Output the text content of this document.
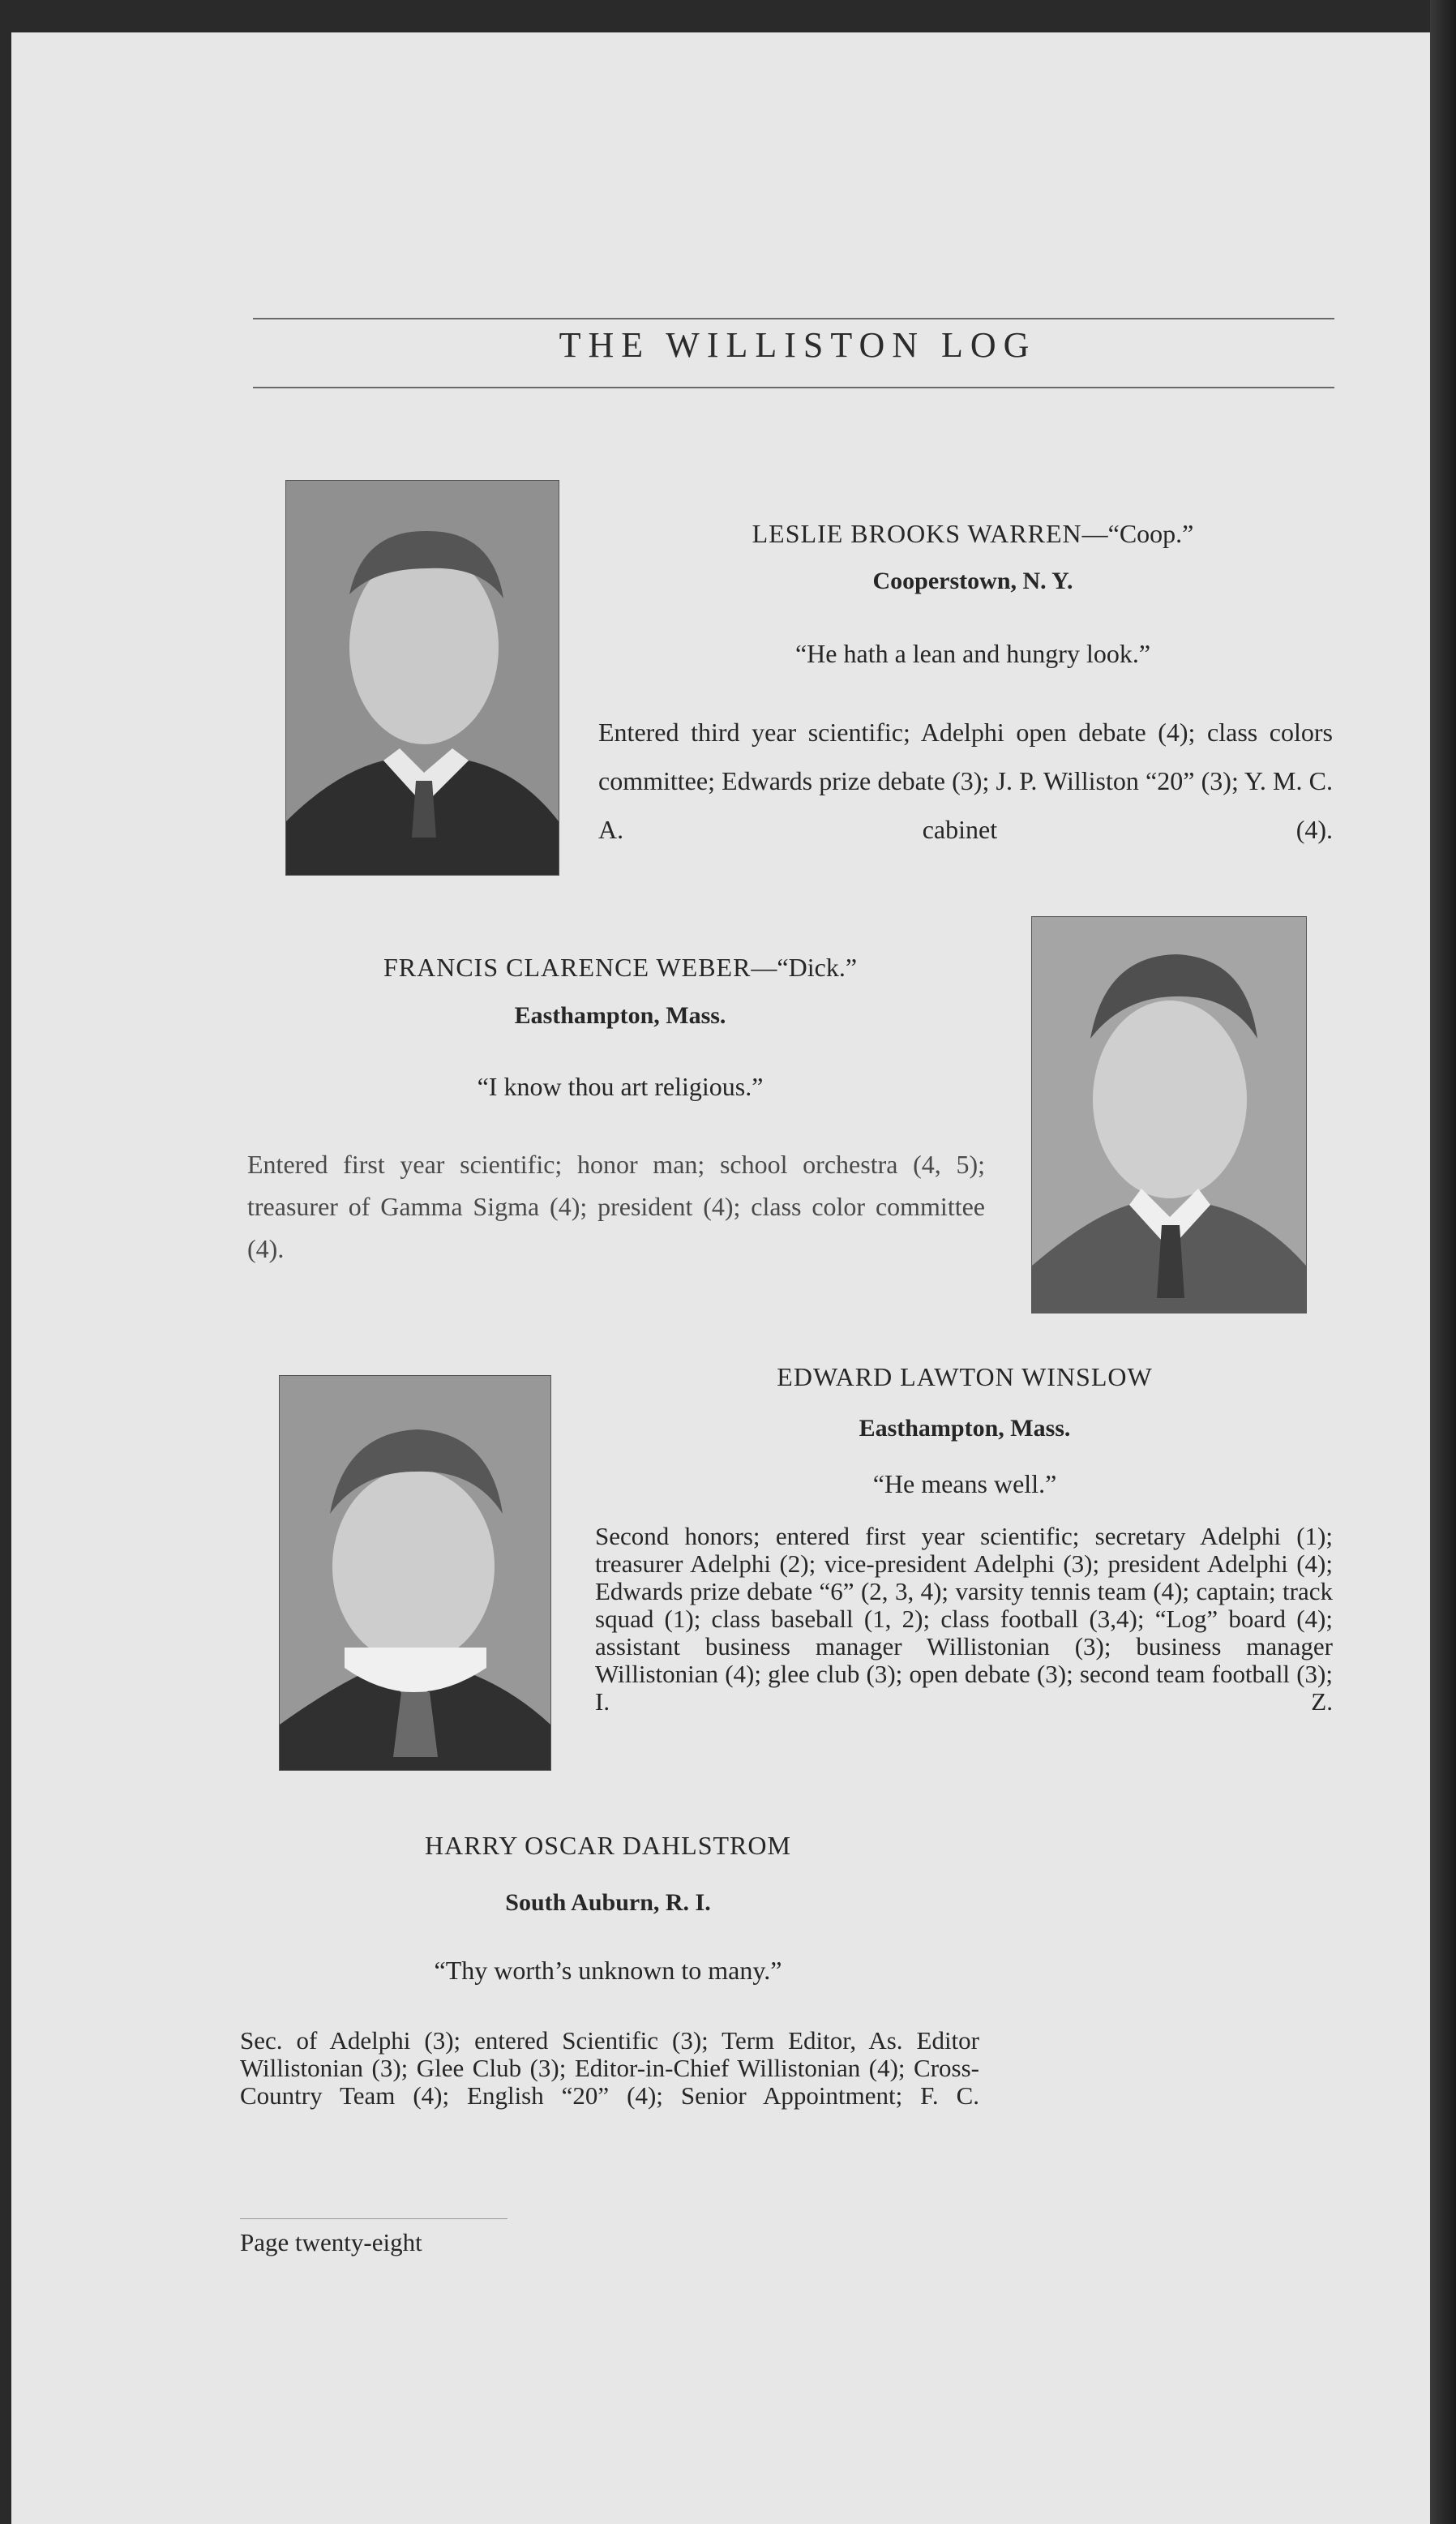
THE WILLISTON LOG
LESLIE BROOKS WARREN—“Coop.”
Cooperstown, N. Y.
“He hath a lean and hungry look.”
Entered third year scientific; Adelphi open debate (4); class colors committee; Edwards prize debate (3); J. P. Williston “20” (3); Y. M. C. A. cabinet (4).
FRANCIS CLARENCE WEBER—“Dick.”
Easthampton, Mass.
“I know thou art religious.”
Entered first year scientific; honor man; school orchestra (4, 5); treasurer of Gamma Sigma (4); president (4); class color committee (4).
EDWARD LAWTON WINSLOW
Easthampton, Mass.
“He means well.”
Second honors; entered first year scientific; secretary Adelphi (1); treasurer Adelphi (2); vice-president Adelphi (3); president Adelphi (4); Edwards prize debate “6” (2, 3, 4); varsity tennis team (4); captain; track squad (1); class baseball (1, 2); class football (3,4); “Log” board (4); assistant business manager Willistonian (3); business manager Willistonian (4); glee club (3); open debate (3); second team football (3); I. Z.
HARRY OSCAR DAHLSTROM
South Auburn, R. I.
“Thy worth’s unknown to many.”
Sec. of Adelphi (3); entered Scientific (3); Term Editor, As. Editor Willistonian (3); Glee Club (3); Editor-in-Chief Willistonian (4); Cross-Country Team (4); English “20” (4); Senior Appointment; F. C.
Page twenty-eight
